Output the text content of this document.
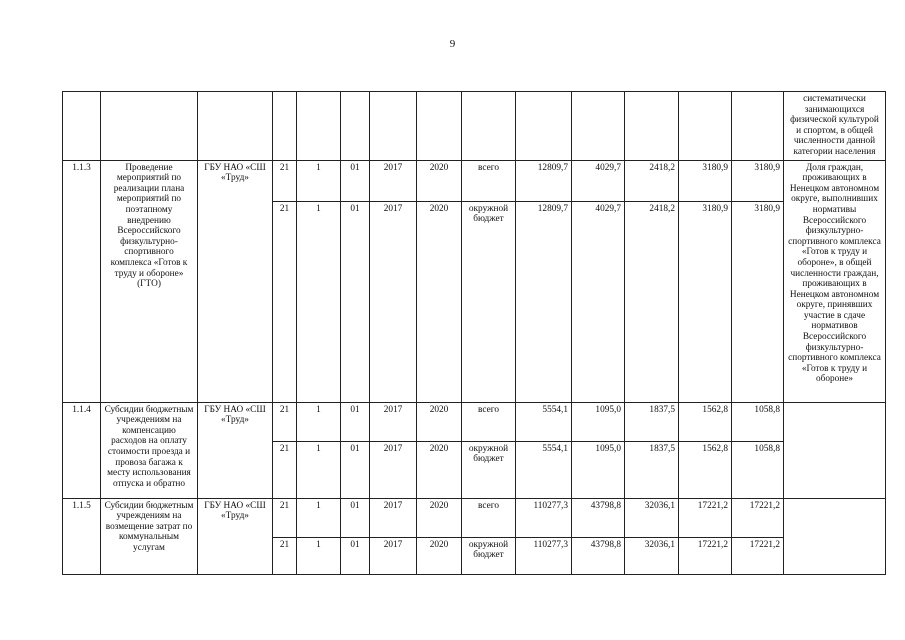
9
														систематически занимающихся физической культурой и спортом, в общей численности данной категории населения
1.1.3	Проведение мероприятий по реализации плана мероприятий по поэтапному внедрению Всероссийского физкультурно-спортивного комплекса «Готов к труду и обороне» (ГТО)	ГБУ НАО «СШ «Труд»	21	1	01	2017	2020	всего	12809,7	4029,7	2418,2	3180,9	3180,9	Доля граждан, проживающих в Ненецком автономном округе, выполнивших нормативы Всероссийского физкультурно-спортивного комплекса «Готов к труду и обороне», в общей численности граждан, проживающих в Ненецком автономном округе, принявших участие в сдаче нормативов Всероссийского физкультурно-спортивного комплекса «Готов к труду и обороне»
			21	1	01	2017	2020	окружной бюджет	12809,7	4029,7	2418,2	3180,9	3180,9	
1.1.4	Субсидии бюджетным учреждениям на компенсацию расходов на оплату стоимости проезда и провоза багажа к месту использования отпуска и обратно	ГБУ НАО «СШ «Труд»	21	1	01	2017	2020	всего	5554,1	1095,0	1837,5	1562,8	1058,8	
			21	1	01	2017	2020	окружной бюджет	5554,1	1095,0	1837,5	1562,8	1058,8	
1.1.5	Субсидии бюджетным учреждениям на возмещение затрат по коммунальным услугам	ГБУ НАО «СШ «Труд»	21	1	01	2017	2020	всего	110277,3	43798,8	32036,1	17221,2	17221,2	
			21	1	01	2017	2020	окружной бюджет	110277,3	43798,8	32036,1	17221,2	17221,2	
